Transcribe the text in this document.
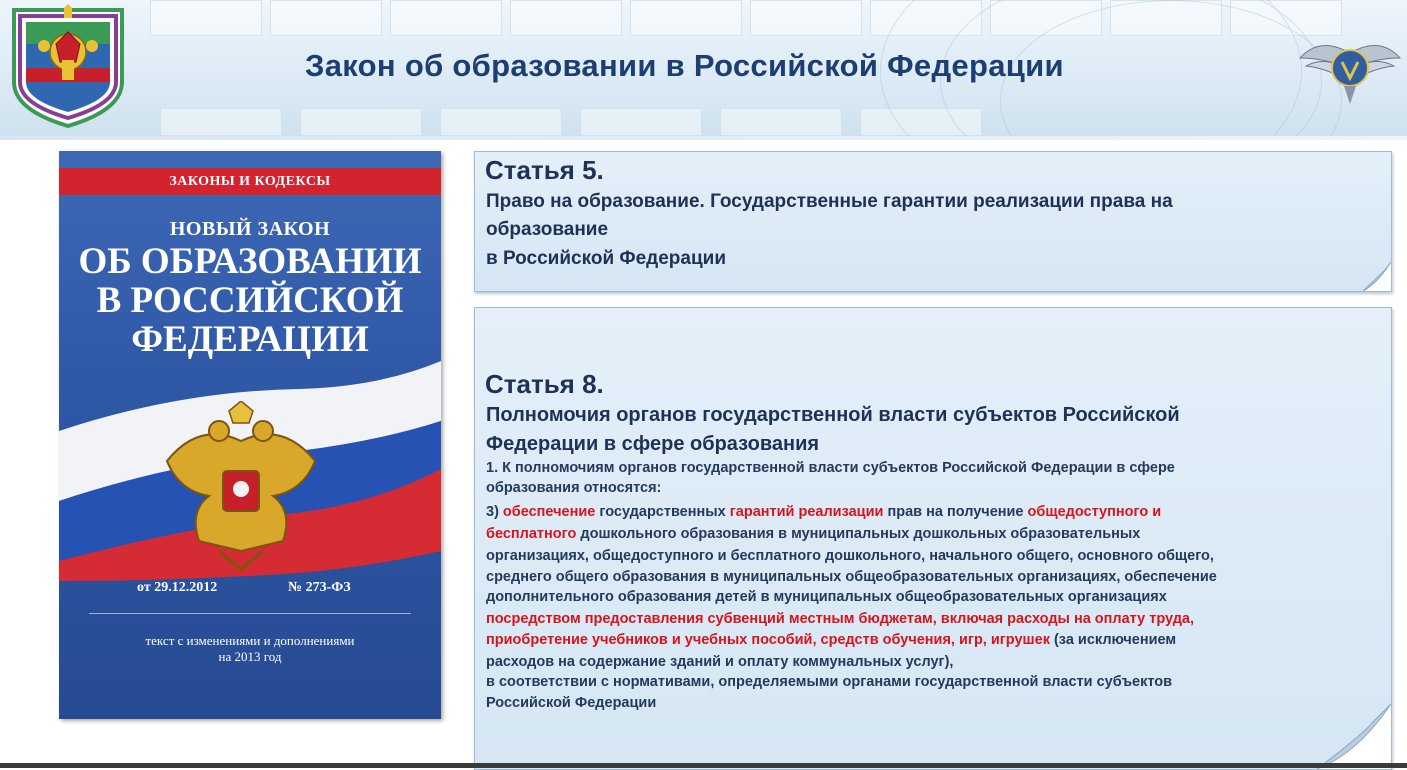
Закон об образовании в Российской Федерации
ЗАКОНЫ И КОДЕКСЫ
НОВЫЙ ЗАКОН
ОБ ОБРАЗОВАНИИ
В РОССИЙСКОЙ
ФЕДЕРАЦИИ
от 29.12.2012	№ 273-ФЗ
текст с изменениями и дополнениями
на 2013 год
Статья 5.
Право на образование. Государственные гарантии реализации права на
образование
в Российской Федерации
Статья 8.
Полномочия органов государственной власти субъектов Российской
Федерации в сфере образования
1. К полномочиям органов государственной власти субъектов Российской Федерации в сфере
образования относятся:
3) обеспечение государственных гарантий реализации прав на получение общедоступного и
бесплатного дошкольного образования в муниципальных дошкольных образовательных
организациях, общедоступного и бесплатного дошкольного, начального общего, основного общего,
среднего общего образования в муниципальных общеобразовательных организациях, обеспечение
дополнительного образования детей в муниципальных общеобразовательных организациях
посредством предоставления субвенций местным бюджетам, включая расходы на оплату труда,
приобретение учебников и учебных пособий, средств обучения, игр, игрушек (за исключением
расходов на содержание зданий и оплату коммунальных услуг),
в соответствии с нормативами, определяемыми органами государственной власти субъектов
Российской Федерации
